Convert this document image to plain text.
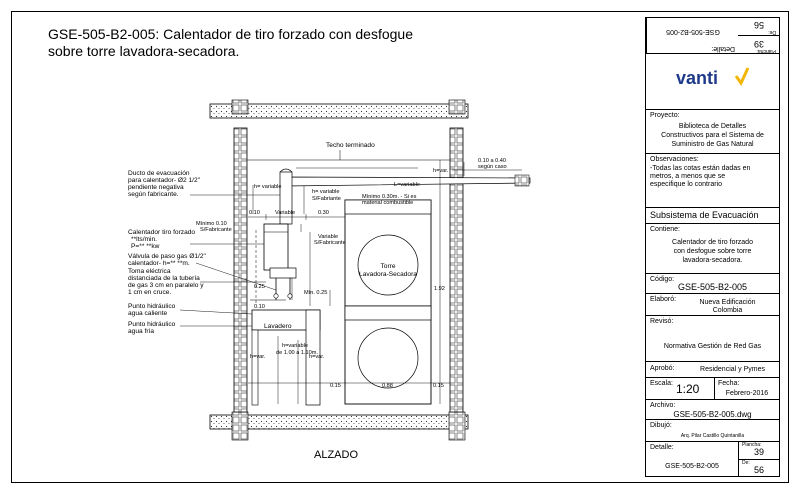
GSE-505-B2-005: Calentador de tiro forzado con desfogue
sobre torre lavadora-secadora.
Techo terminado
Torre
Lavadora-Secadora
Lavadero
h= variable	L=variable
h=var.
0.10 a 0.40
según caso
h= variable
S/Fabriante	Mínimo 0.30m. - Si es
material combustible
0.10	Variable	0.30
Mínimo 0.10
S/Fabricante
Variable
S/Fabricante
0.25
Mín. 0.25
0.10
h=variable
de 1.00 a 1.10m.
h=var.	h=var.
1.92
0.15	0.88	0.15
Ducto de evacuación
para calentador- Ø2 1/2"
pendiente negativa
según fabricante.
Calentador tiro forzado
**lts/min.
P=** **kw
Válvula de paso gas Ø1/2"
calentador- h=** **m.
Toma eléctrica
distanciada de la tubería
de gas 3 cm en paralelo y
1 cm en cruce.
Punto hidráulico
agua caliente
Punto hidráulico
agua fría
ALZADO
Detalle:
GSE-505-B2-005
Plancha:
39
De:
56
vanti
Proyecto:
Biblioteca de Detalles
Constructivos para el Sistema de
Suministro de Gas Natural
Observaciones:
-Todas las cotas están dadas en
metros, a menos que se
especifique lo contrario
Subsistema de Evacuación
Contiene:
Calentador de tiro forzado
con desfogue sobre torre
lavadora-secadora.
Código:
GSE-505-B2-005
Elaboró:	Nueva Edificación
Colombia
Revisó:
Normativa Gestión de Red Gas
Aprobó:	Residencial y Pymes
Escala: 1:20	Fecha:
Febrero-2016
Archivo:
GSE-505-B2-005.dwg
Dibujó:
Arq. Pilar Castillo Quintanilla
Detalle:
GSE-505-B2-005
Plancha:
39
De:
56
